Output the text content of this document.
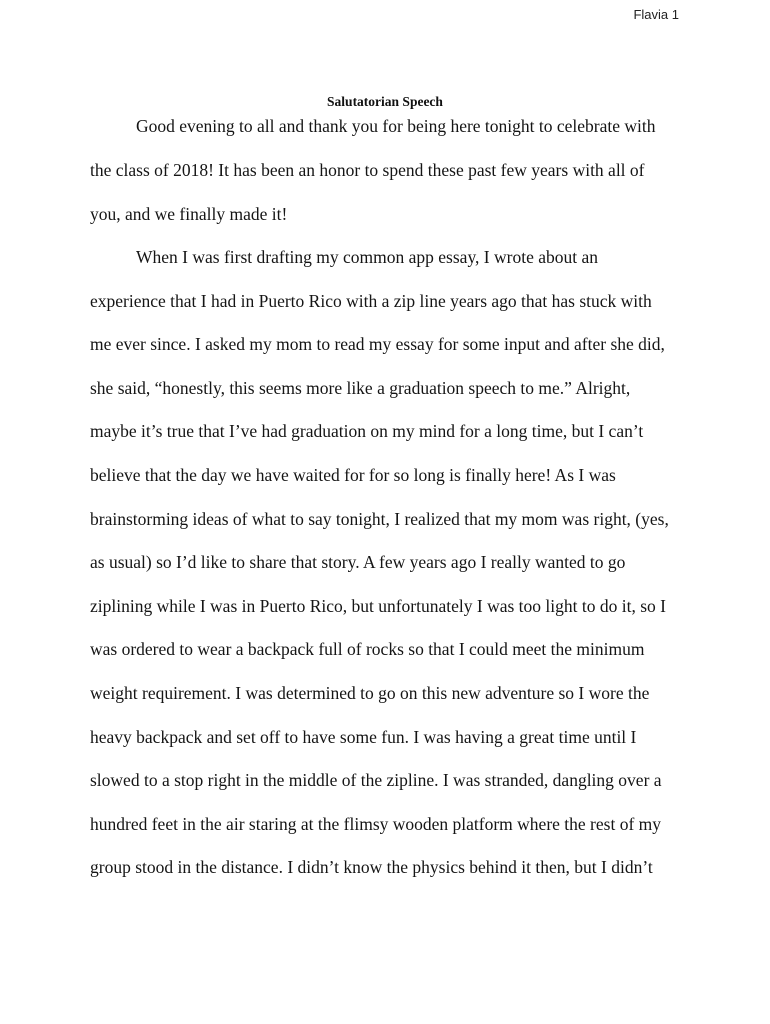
Flavia 1
Salutatorian Speech
Good evening to all and thank you for being here tonight to celebrate with
the class of 2018! It has been an honor to spend these past few years with all of
you, and we finally made it!
When I was first drafting my common app essay, I wrote about an
experience that I had in Puerto Rico with a zip line years ago that has stuck with
me ever since. I asked my mom to read my essay for some input and after she did,
she said, “honestly, this seems more like a graduation speech to me.” Alright,
maybe it’s true that I’ve had graduation on my mind for a long time, but I can’t
believe that the day we have waited for for so long is finally here! As I was
brainstorming ideas of what to say tonight, I realized that my mom was right, (yes,
as usual) so I’d like to share that story. A few years ago I really wanted to go
ziplining while I was in Puerto Rico, but unfortunately I was too light to do it, so I
was ordered to wear a backpack full of rocks so that I could meet the minimum
weight requirement. I was determined to go on this new adventure so I wore the
heavy backpack and set off to have some fun. I was having a great time until I
slowed to a stop right in the middle of the zipline. I was stranded, dangling over a
hundred feet in the air staring at the flimsy wooden platform where the rest of my
group stood in the distance. I didn’t know the physics behind it then, but I didn’t
